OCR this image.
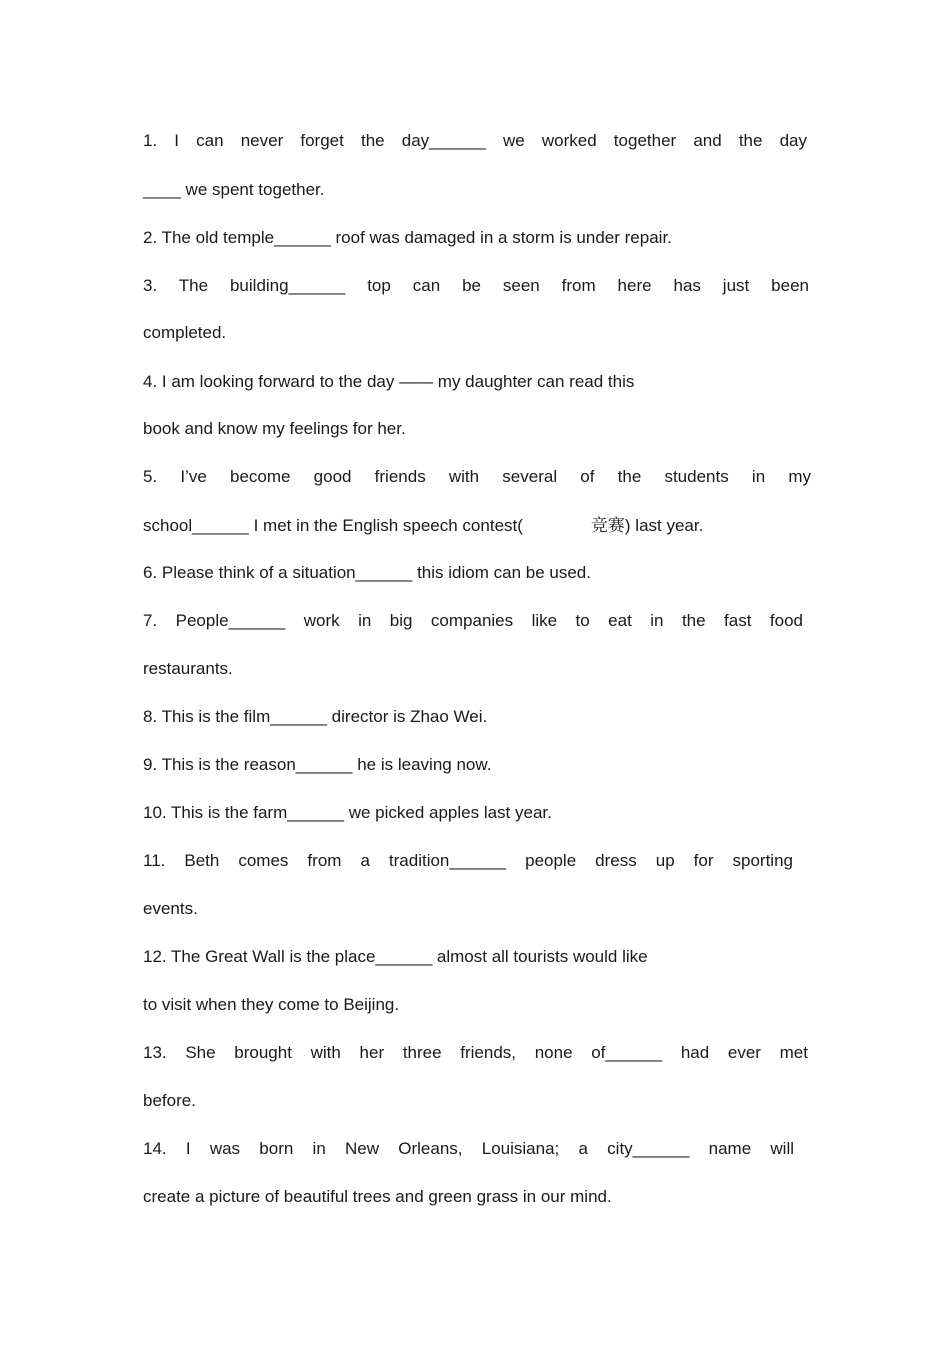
1. I can never forget the day______ we worked together and the day
____ we spent together.
2. The old temple______ roof was damaged in a storm is under repair.
3. The building______ top can be seen from here has just been
completed.
4. I am looking forward to the day —— my daughter can read this
book and know my feelings for her.
5. I’ve become good friends with several of the students in my
school______ I met in the English speech contest(	竞赛) last year.
6. Please think of a situation______ this idiom can be used.
7. People______ work in big companies like to eat in the fast food
restaurants.
8. This is the film______ director is Zhao Wei.
9. This is the reason______ he is leaving now.
10. This is the farm______ we picked apples last year.
11. Beth comes from a tradition______ people dress up for sporting
events.
12. The Great Wall is the place______ almost all tourists would like
to visit when they come to Beijing.
13. She brought with her three friends, none of______ had ever met
before.
14. I was born in New Orleans, Louisiana; a city______ name will
create a picture of beautiful trees and green grass in our mind.
